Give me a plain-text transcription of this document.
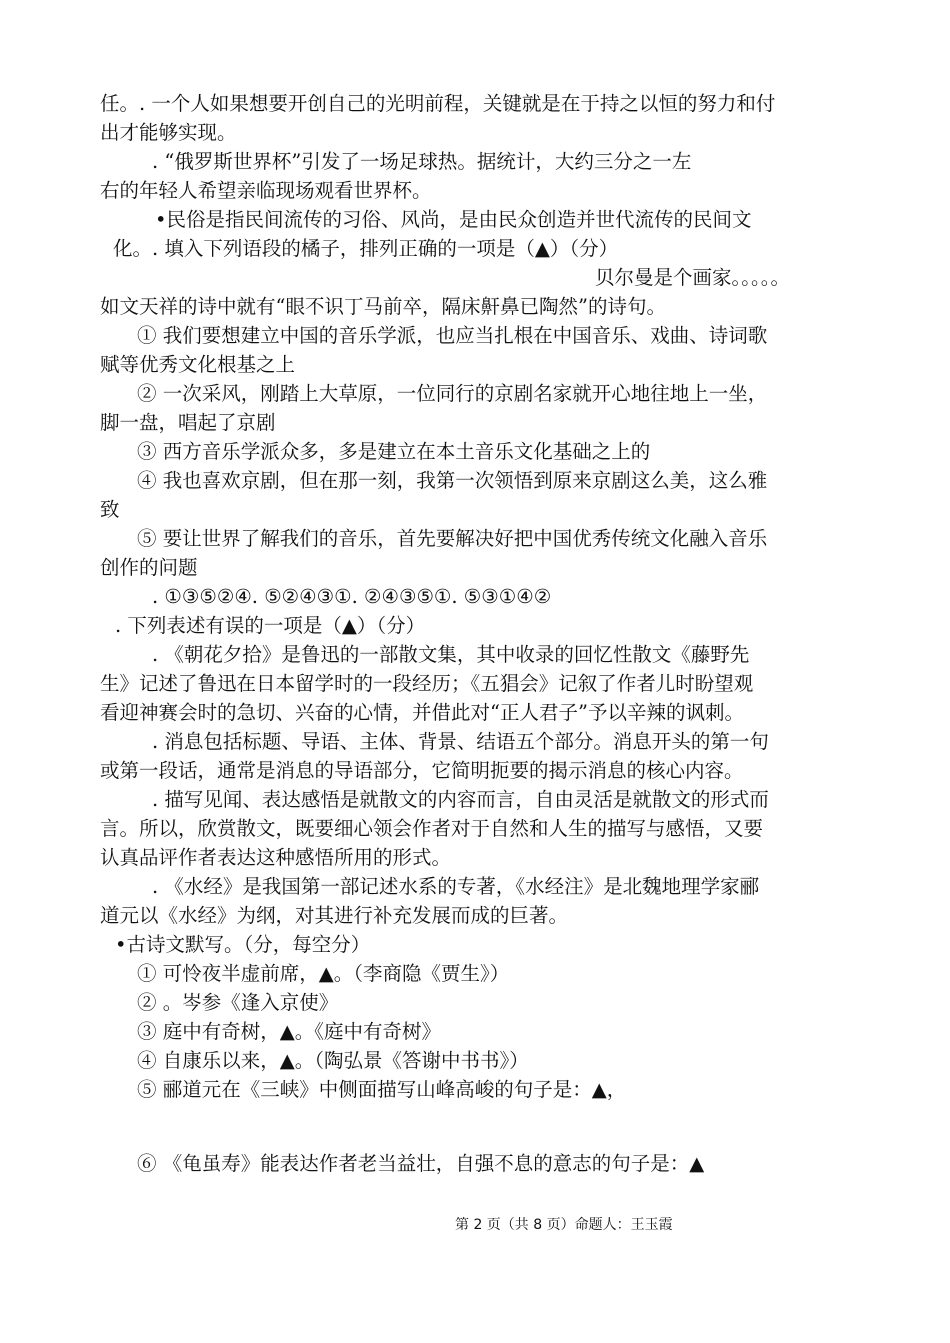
任。. 一个人如果想要开创自己的光明前程，关键就是在于持之以恒的努力和付
出才能够实现。
. “俄罗斯世界杯”引发了一场足球热。据统计，大约三分之一左
右的年轻人希望亲临现场观看世界杯。
•民俗是指民间流传的习俗、风尚，是由民众创造并世代流传的民间文
化。. 填入下列语段的橘子，排列正确的一项是（▲）（分）
贝尔曼是个画家。。。。。
如文天祥的诗中就有“眼不识丁马前卒，隔床鼾鼻已陶然”的诗句。
① 我们要想建立中国的音乐学派，也应当扎根在中国音乐、戏曲、诗词歌
赋等优秀文化根基之上
② 一次采风，刚踏上大草原，一位同行的京剧名家就开心地往地上一坐，
脚一盘，唱起了京剧
③ 西方音乐学派众多，多是建立在本土音乐文化基础之上的
④ 我也喜欢京剧，但在那一刻，我第一次领悟到原来京剧这么美，这么雅
致
⑤ 要让世界了解我们的音乐，首先要解决好把中国优秀传统文化融入音乐
创作的问题
. ①③⑤②④. ⑤②④③①. ②④③⑤①. ⑤③①④②
. 下列表述有误的一项是（▲）（分）
. 《朝花夕拾》是鲁迅的一部散文集，其中收录的回忆性散文《藤野先
生》记述了鲁迅在日本留学时的一段经历；《五猖会》记叙了作者儿时盼望观
看迎神赛会时的急切、兴奋的心情，并借此对“正人君子”予以辛辣的讽刺。
. 消息包括标题、导语、主体、背景、结语五个部分。消息开头的第一句
或第一段话，通常是消息的导语部分，它简明扼要的揭示消息的核心内容。
. 描写见闻、表达感悟是就散文的内容而言，自由灵活是就散文的形式而
言。所以，欣赏散文，既要细心领会作者对于自然和人生的描写与感悟，又要
认真品评作者表达这种感悟所用的形式。
. 《水经》是我国第一部记述水系的专著，《水经注》是北魏地理学家郦
道元以《水经》为纲，对其进行补充发展而成的巨著。
•古诗文默写。（分，每空分）
① 可怜夜半虚前席，▲。（李商隐《贾生》）
② 。岑参《逢入京使》
③ 庭中有奇树，▲。《庭中有奇树》
④ 自康乐以来，▲。（陶弘景《答谢中书书》）
⑤ 郦道元在《三峡》中侧面描写山峰高峻的句子是：▲，
⑥ 《龟虽寿》能表达作者老当益壮，自强不息的意志的句子是：▲
第 2 页（共 8 页）命题人：王玉霞
